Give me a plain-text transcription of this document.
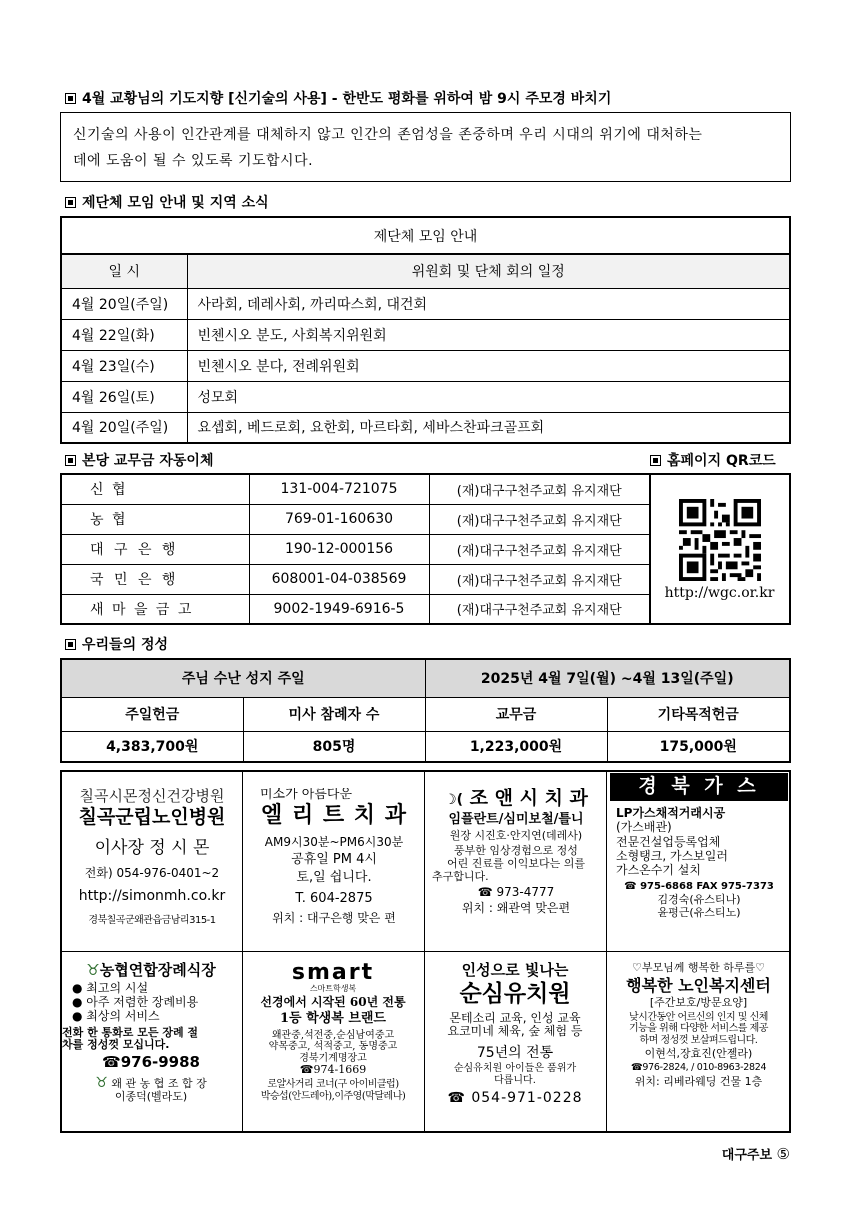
4월 교황님의 기도지향 [신기술의 사용] - 한반도 평화를 위하여 밤 9시 주모경 바치기
신기술의 사용이 인간관계를 대체하지 않고 인간의 존엄성을 존중하며 우리 시대의 위기에 대처하는
데에 도움이 될 수 있도록 기도합시다.
제단체 모임 안내 및 지역 소식
제단체 모임 안내	
일 시	위원회 및 단체 회의 일정
4월 20일(주일)	사라회, 데레사회, 까리따스회, 대건회
4월 22일(화)	빈첸시오 분도, 사회복지위원회
4월 23일(수)	빈첸시오 분다, 전례위원회
4월 26일(토)	성모회
4월 20일(주일)	요셉회, 베드로회, 요한회, 마르타회, 세바스찬파크골프회
본당 교무금 자동이체	홈페이지 QR코드
신 협	131-004-721075	(재)대구구천주교회 유지재단
농 협	769-01-160630	(재)대구구천주교회 유지재단
대 구 은 행	190-12-000156	(재)대구구천주교회 유지재단
국 민 은 행	608001-04-038569	(재)대구구천주교회 유지재단
새 마 을 금 고	9002-1949-6916-5	(재)대구구천주교회 유지재단
http://wgc.or.kr
우리들의 정성
주님 수난 성지 주일		2025년 4월 7일(월) ~4월 13일(주일)	
주일헌금	미사 참례자 수	교무금	기타목적헌금
4,383,700원	805명	1,223,000원	175,000원
칠곡시몬정신건강병원
칠곡군립노인병원
이사장 정 시 몬
전화) 054-976-0401~2
http://simonmh.co.kr
경북칠곡군왜관읍금남리315-1
미소가 아름다운
엘 리 트 치 과
AM9시30분~PM6시30분
공휴일 PM 4시
토,일 쉽니다.
T. 604-2875
위치 : 대구은행 맞은 편
☽( 조 앤 시 치 과
임플란트/심미보철/틀니
원장 시진호·안지연(데레사)
풍부한 임상경험으로 정성
어린 진료를 이익보다는 의를
추구합니다.
☎ 973-4777
위치 : 왜관역 맞은편
경 북 가 스
LP가스채적거래시공
(가스배관)
전문건설업등록업체
소형탱크, 가스보일러
가스온수기 설치
☎ 975-6868 FAX 975-7373
김경숙(유스티나)
윤평근(유스티노)
♉농협연합장례식장
● 최고의 시설
● 아주 저렴한 장례비용
● 최상의 서비스
전화 한 통화로 모든 장례 절
차를 정성껏 모십니다.
☎976-9988
♉ 왜 관 농 협 조 합 장
이종덕(벨라도)
smart
스마트학생복
선경에서 시작된 60년 전통
1등 학생복 브랜드
왜관중,석전중,순심남여중고
약목중고, 석적중고, 동명중고
경북기계명장고
☎974-1669
로얄사거리 코너(구 아이비클럽)
박승섭(안드레아),이주영(막달레나)
인성으로 빛나는
순심유치원
몬테소리 교육, 인성 교육
요코미네 체육, 숲 체험 등
75년의 전통
순심유치원 아이들은 품위가
다릅니다.
☎ 054-971-0228
♡부모님께 행복한 하루를♡
행복한 노인복지센터
[주간보호/방문요양]
낮시간동안 어르신의 인지 및 신체
기능을 위해 다양한 서비스를 제공
하며 정성껏 보살펴드립니다.
이현석,장효진(안젤라)
☎976-2824, / 010-8963-2824
위치: 리베라웨딩 건물 1층
대구주보 ⑤
